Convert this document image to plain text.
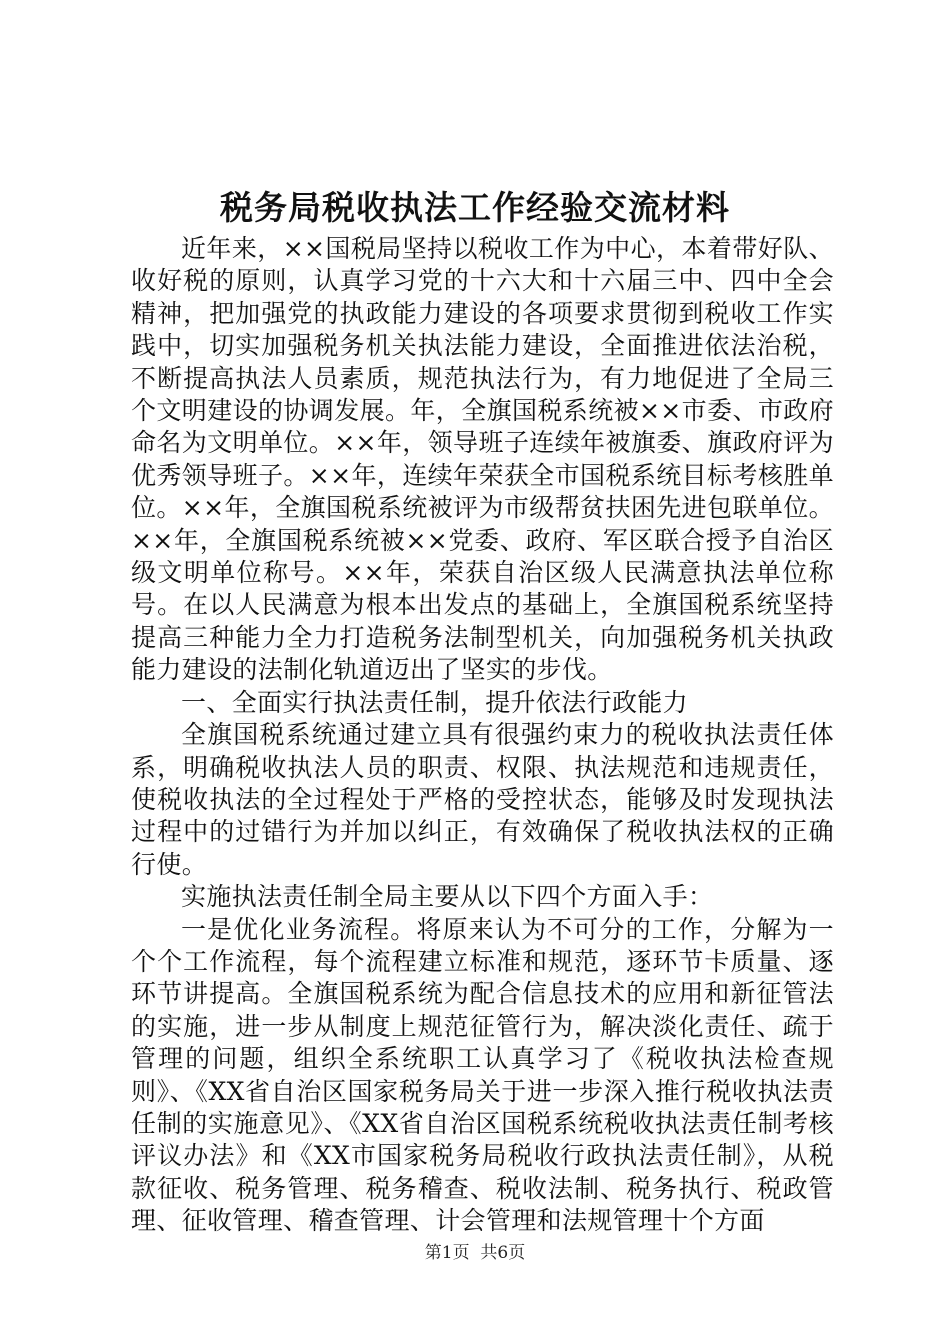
税务局税收执法工作经验交流材料

近年来，××国税局坚持以税收工作为中心，本着带好队、收好税的原则，认真学习党的十六大和十六届三中、四中全会精神，把加强党的执政能力建设的各项要求贯彻到税收工作实践中，切实加强税务机关执法能力建设，全面推进依法治税，不断提高执法人员素质，规范执法行为，有力地促进了全局三个文明建设的协调发展。年，全旗国税系统被××市委、市政府命名为文明单位。××年，领导班子连续年被旗委、旗政府评为优秀领导班子。××年，连续年荣获全市国税系统目标考核胜单位。××年，全旗国税系统被评为市级帮贫扶困先进包联单位。××年，全旗国税系统被××党委、政府、军区联合授予自治区级文明单位称号。××年，荣获自治区级人民满意执法单位称号。在以人民满意为根本出发点的基础上，全旗国税系统坚持提高三种能力全力打造税务法制型机关，向加强税务机关执政能力建设的法制化轨道迈出了坚实的步伐。

一、全面实行执法责任制，提升依法行政能力

全旗国税系统通过建立具有很强约束力的税收执法责任体系，明确税收执法人员的职责、权限、执法规范和违规责任，使税收执法的全过程处于严格的受控状态，能够及时发现执法过程中的过错行为并加以纠正，有效确保了税收执法权的正确行使。

实施执法责任制全局主要从以下四个方面入手：

一是优化业务流程。将原来认为不可分的工作，分解为一个个工作流程，每个流程建立标准和规范，逐环节卡质量、逐环节讲提高。全旗国税系统为配合信息技术的应用和新征管法的实施，进一步从制度上规范征管行为，解决淡化责任、疏于管理的问题，组织全系统职工认真学习了《税收执法检查规则》、《XX省自治区国家税务局关于进一步深入推行税收执法责任制的实施意见》、《XX省自治区国税系统税收执法责任制考核评议办法》和《XX市国家税务局税收行政执法责任制》，从税款征收、税务管理、税务稽查、税收法制、税务执行、税政管理、征收管理、稽查管理、计会管理和法规管理十个方面

第1页 共6页
